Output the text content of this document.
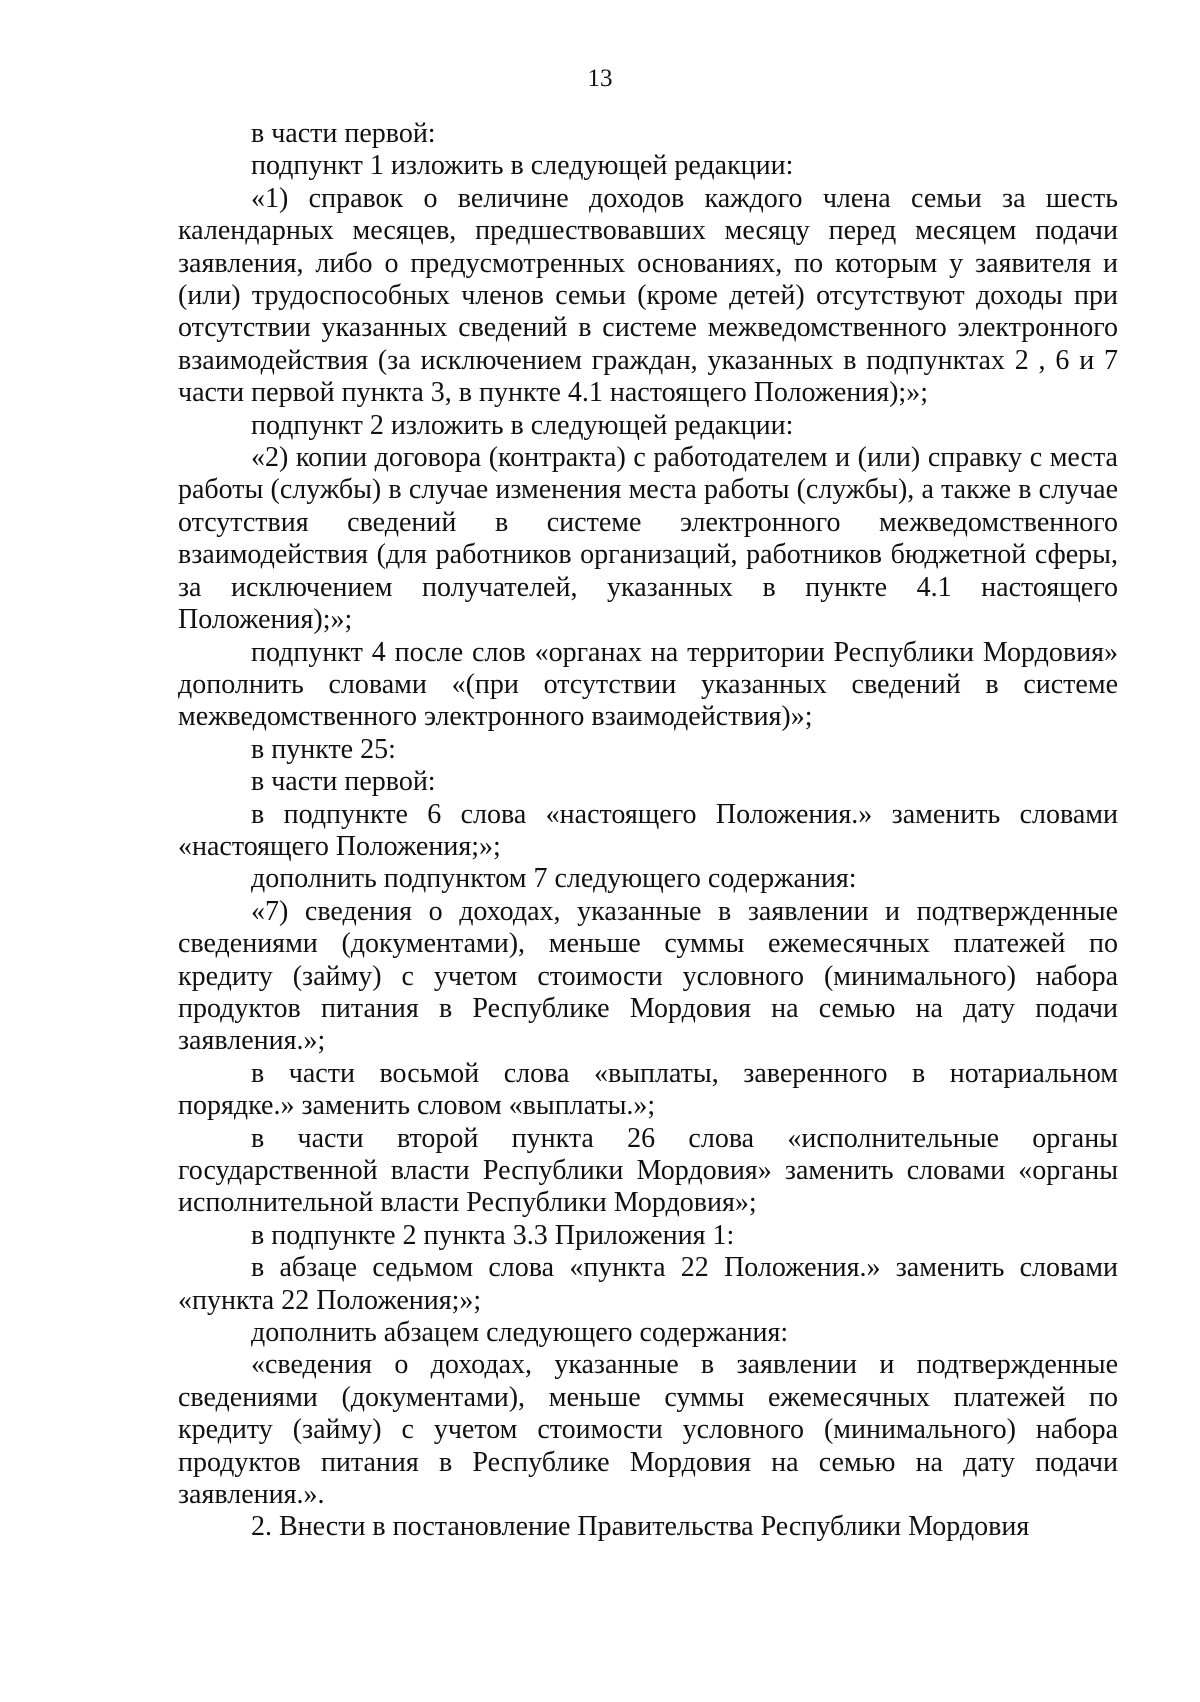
13

в части первой:

подпункт 1 изложить в следующей редакции:

«1) справок о величине доходов каждого члена семьи за шесть календарных месяцев, предшествовавших месяцу перед месяцем подачи заявления, либо о предусмотренных основаниях, по которым у заявителя и (или) трудоспособных членов семьи (кроме детей) отсутствуют доходы при отсутствии указанных сведений в системе межведомственного электронного взаимодействия (за исключением граждан, указанных в подпунктах 2 , 6 и 7 части первой пункта 3, в пункте 4.1 настоящего Положения);»;

подпункт 2 изложить в следующей редакции:

«2) копии договора (контракта) с работодателем и (или) справку с места работы (службы) в случае изменения места работы (службы), а также в случае отсутствия сведений в системе электронного межведомственного взаимодействия (для работников организаций, работников бюджетной сферы, за исключением получателей, указанных в пункте 4.1 настоящего Положения);»;

подпункт 4 после слов «органах на территории Республики Мордовия» дополнить словами «(при отсутствии указанных сведений в системе межведомственного электронного взаимодействия)»;

в пункте 25:

в части первой:

в подпункте 6 слова «настоящего Положения.» заменить словами «настоящего Положения;»;

дополнить подпунктом 7 следующего содержания:

«7) сведения о доходах, указанные в заявлении и подтвержденные сведениями (документами), меньше суммы ежемесячных платежей по кредиту (займу) с учетом стоимости условного (минимального) набора продуктов питания в Республике Мордовия на семью на дату подачи заявления.»;

в части восьмой слова «выплаты, заверенного в нотариальном порядке.» заменить словом «выплаты.»;

в части второй пункта 26 слова «исполнительные органы государственной власти Республики Мордовия» заменить словами «органы исполнительной власти Республики Мордовия»;

в подпункте 2 пункта 3.3 Приложения 1:

в абзаце седьмом слова «пункта 22 Положения.» заменить словами «пункта 22 Положения;»;

дополнить абзацем следующего содержания:

«сведения о доходах, указанные в заявлении и подтвержденные сведениями (документами), меньше суммы ежемесячных платежей по кредиту (займу) с учетом стоимости условного (минимального) набора продуктов питания в Республике Мордовия на семью на дату подачи заявления.».

2. Внести в постановление Правительства Республики Мордовия
